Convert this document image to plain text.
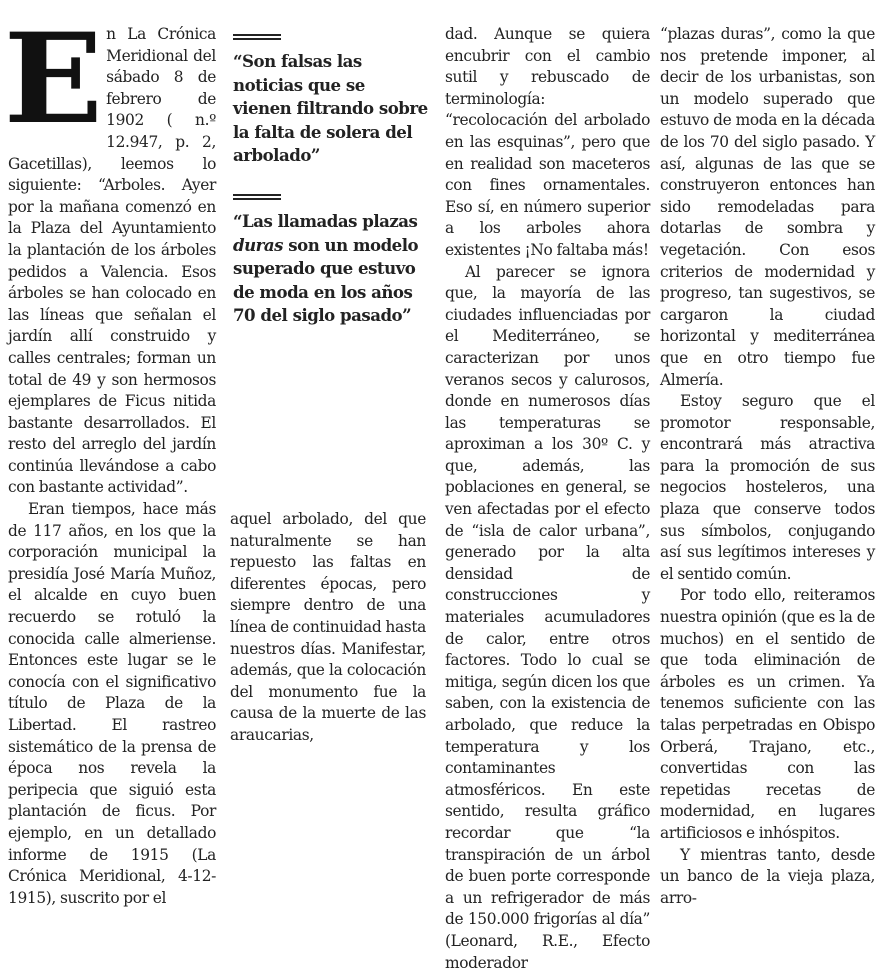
En La Crónica Meridional del sábado 8 de febrero de 1902 ( n.º 12.947, p. 2, Gacetillas), leemos lo siguiente: “Arboles. Ayer por la mañana comenzó en la Plaza del Ayuntamiento la plantación de los árboles pedidos a Valencia. Esos árboles se han colocado en las líneas que señalan el jardín allí construido y calles centrales; forman un total de 49 y son hermosos ejemplares de Ficus nitida bastante desarrollados. El resto del arreglo del jardín continúa llevándose a cabo con bastante actividad”.

Eran tiempos, hace más de 117 años, en los que la corporación municipal la presidía José María Muñoz, el alcalde en cuyo buen recuerdo se rotuló la conocida calle almeriense. Entonces este lugar se le conocía con el significativo título de Plaza de la Libertad. El rastreo sistemático de la prensa de época nos revela la peripecia que siguió esta plantación de ficus. Por ejemplo, en un detallado informe de 1915 (La Crónica Meridional, 4-12-1915), suscrito por el

“Son falsas las noticias que se vienen filtrando sobre la falta de solera del arbolado”
“Las llamadas plazas duras son un modelo superado que estuvo de moda en los años 70 del siglo pasado”

aquel arbolado, del que naturalmente se han repuesto las faltas en diferentes épocas, pero siempre dentro de una línea de continuidad hasta nuestros días. Manifestar, además, que la colocación del monumento fue la causa de la muerte de las araucarias,

dad. Aunque se quiera encubrir con el cambio sutil y rebuscado de terminología: “recolocación del arbolado en las esquinas”, pero que en realidad son maceteros con fines ornamentales. Eso sí, en número superior a los arboles ahora existentes ¡No faltaba más!

Al parecer se ignora que, la mayoría de las ciudades influenciadas por el Mediterráneo, se caracterizan por unos veranos secos y calurosos, donde en numerosos días las temperaturas se aproximan a los 30º C. y que, además, las poblaciones en general, se ven afectadas por el efecto de “isla de calor urbana”, generado por la alta densidad de construcciones y materiales acumuladores de calor, entre otros factores. Todo lo cual se mitiga, según dicen los que saben, con la existencia de arbolado, que reduce la temperatura y los contaminantes atmosféricos. En este sentido, resulta gráfico recordar que “la transpiración de un árbol de buen porte corresponde a un refrigerador de más de 150.000 frigorías al día” (Leonard, R.E., Efecto moderador

“plazas duras”, como la que nos pretende imponer, al decir de los urbanistas, son un modelo superado que estuvo de moda en la década de los 70 del siglo pasado. Y así, algunas de las que se construyeron entonces han sido remodeladas para dotarlas de sombra y vegetación. Con esos criterios de modernidad y progreso, tan sugestivos, se cargaron la ciudad horizontal y mediterránea que en otro tiempo fue Almería.

Estoy seguro que el promotor responsable, encontrará más atractiva para la promoción de sus negocios hosteleros, una plaza que conserve todos sus símbolos, conjugando así sus legítimos intereses y el sentido común.

Por todo ello, reiteramos nuestra opinión (que es la de muchos) en el sentido de que toda eliminación de árboles es un crimen. Ya tenemos suficiente con las talas perpetradas en Obispo Orberá, Trajano, etc., convertidas con las repetidas recetas de modernidad, en lugares artificiosos e inhóspitos.

Y mientras tanto, desde un banco de la vieja plaza, arro-
